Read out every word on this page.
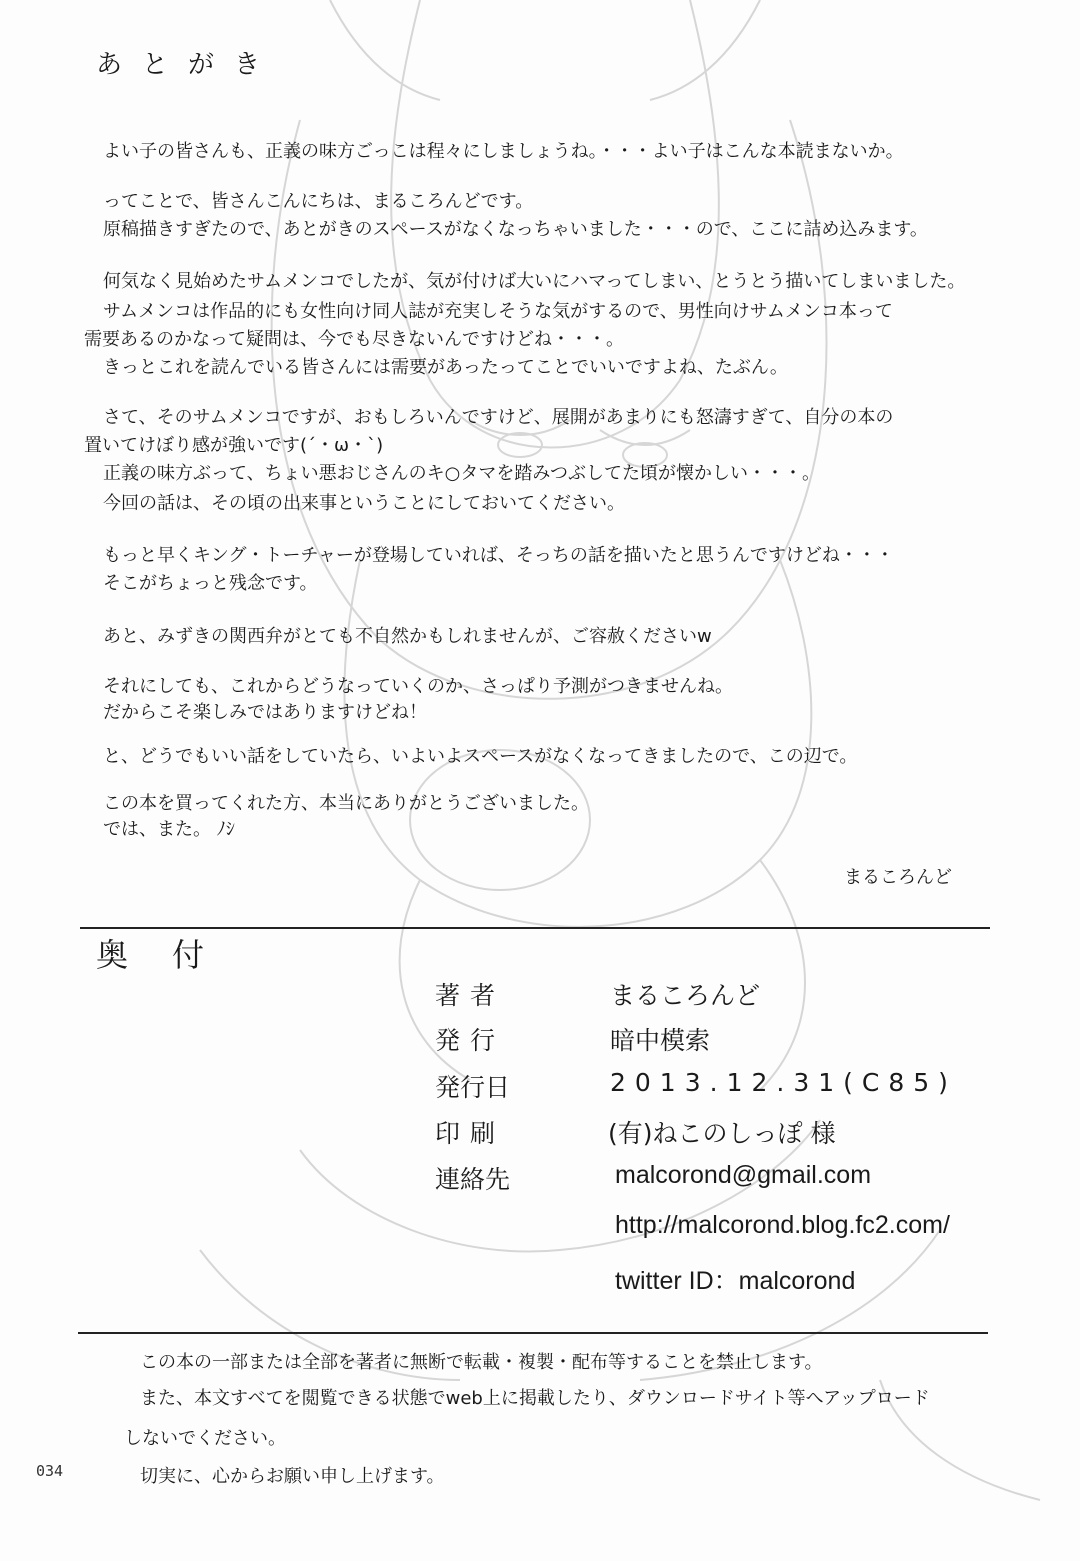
あとがき
よい子の皆さんも、正義の味方ごっこは程々にしましょうね。・・・よい子はこんな本読まないか。
ってことで、皆さんこんにちは、まるころんどです。
原稿描きすぎたので、あとがきのスペースがなくなっちゃいました・・・ので、ここに詰め込みます。
何気なく見始めたサムメンコでしたが、気が付けば大いにハマってしまい、とうとう描いてしまいました。
サムメンコは作品的にも女性向け同人誌が充実しそうな気がするので、男性向けサムメンコ本って
需要あるのかなって疑問は、今でも尽きないんですけどね・・・。
きっとこれを読んでいる皆さんには需要があったってことでいいですよね、たぶん。
さて、そのサムメンコですが、おもしろいんですけど、展開があまりにも怒濤すぎて、自分の本の
置いてけぼり感が強いです(´・ω・`)
正義の味方ぶって、ちょい悪おじさんのキ○タマを踏みつぶしてた頃が懐かしい・・・。
今回の話は、その頃の出来事ということにしておいてください。
もっと早くキング・トーチャーが登場していれば、そっちの話を描いたと思うんですけどね・・・
そこがちょっと残念です。
あと、みずきの関西弁がとても不自然かもしれませんが、ご容赦くださいw
それにしても、これからどうなっていくのか、さっぱり予測がつきませんね。
だからこそ楽しみではありますけどね！
と、どうでもいい話をしていたら、いよいよスペースがなくなってきましたので、この辺で。
この本を買ってくれた方、本当にありがとうございました。
では、また。 ﾉｼ
まるころんど
奥付
著者	まるころんど
発行	暗中模索
発行日	2013.12.31(C85)
印刷	(有)ねこのしっぽ 様
連絡先	malcorond@gmail.com
http://malcorond.blog.fc2.com/
twitter ID：malcorond
この本の一部または全部を著者に無断で転載・複製・配布等することを禁止します。
また、本文すべてを閲覧できる状態でweb上に掲載したり、ダウンロードサイト等へアップロード
しないでください。
切実に、心からお願い申し上げます。
034
